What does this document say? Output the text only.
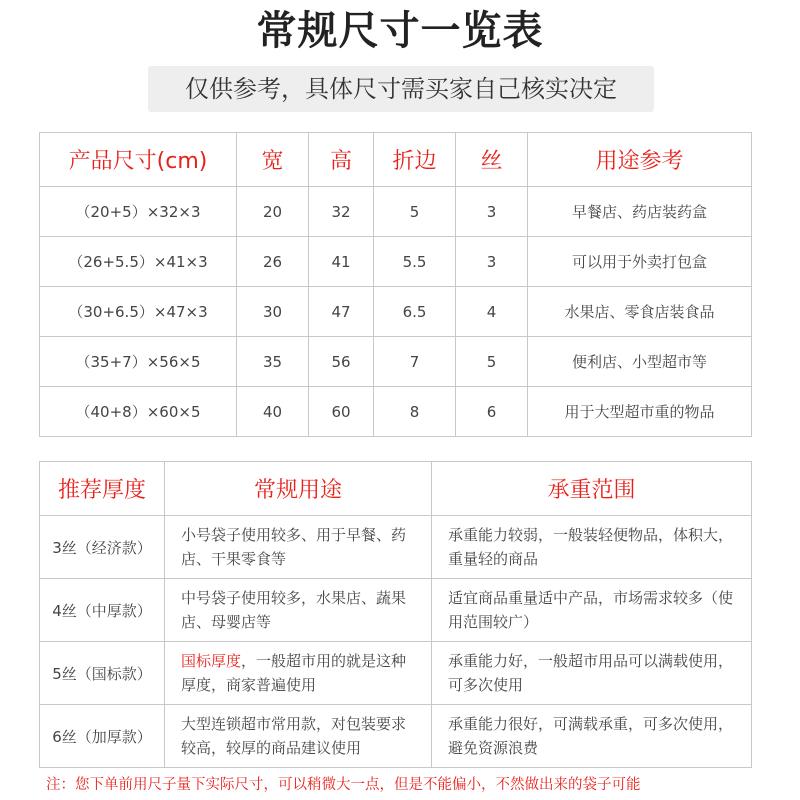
常规尺寸一览表
仅供参考，具体尺寸需买家自己核实决定
产品尺寸(cm)	宽	高	折边	丝	用途参考
（20+5）×32×3	20	32	5	3	早餐店、药店装药盒
（26+5.5）×41×3	26	41	5.5	3	可以用于外卖打包盒
（30+6.5）×47×3	30	47	6.5	4	水果店、零食店装食品
（35+7）×56×5	35	56	7	5	便利店、小型超市等
（40+8）×60×5	40	60	8	6	用于大型超市重的物品
推荐厚度	常规用途	承重范围
3丝（经济款）	小号袋子使用较多、用于早餐、药店、干果零食等	承重能力较弱，一般装轻便物品，体积大，重量轻的商品
4丝（中厚款）	中号袋子使用较多，水果店、蔬果店、母婴店等	适宜商品重量适中产品，市场需求较多（使用范围较广）
5丝（国标款）	国标厚度，一般超市用的就是这种厚度，商家普遍使用	承重能力好，一般超市用品可以满载使用，可多次使用
6丝（加厚款）	大型连锁超市常用款，对包装要求较高，较厚的商品建议使用	承重能力很好，可满载承重，可多次使用，避免资源浪费
注：您下单前用尺子量下实际尺寸，可以稍微大一点，但是不能偏小，不然做出来的袋子可能
